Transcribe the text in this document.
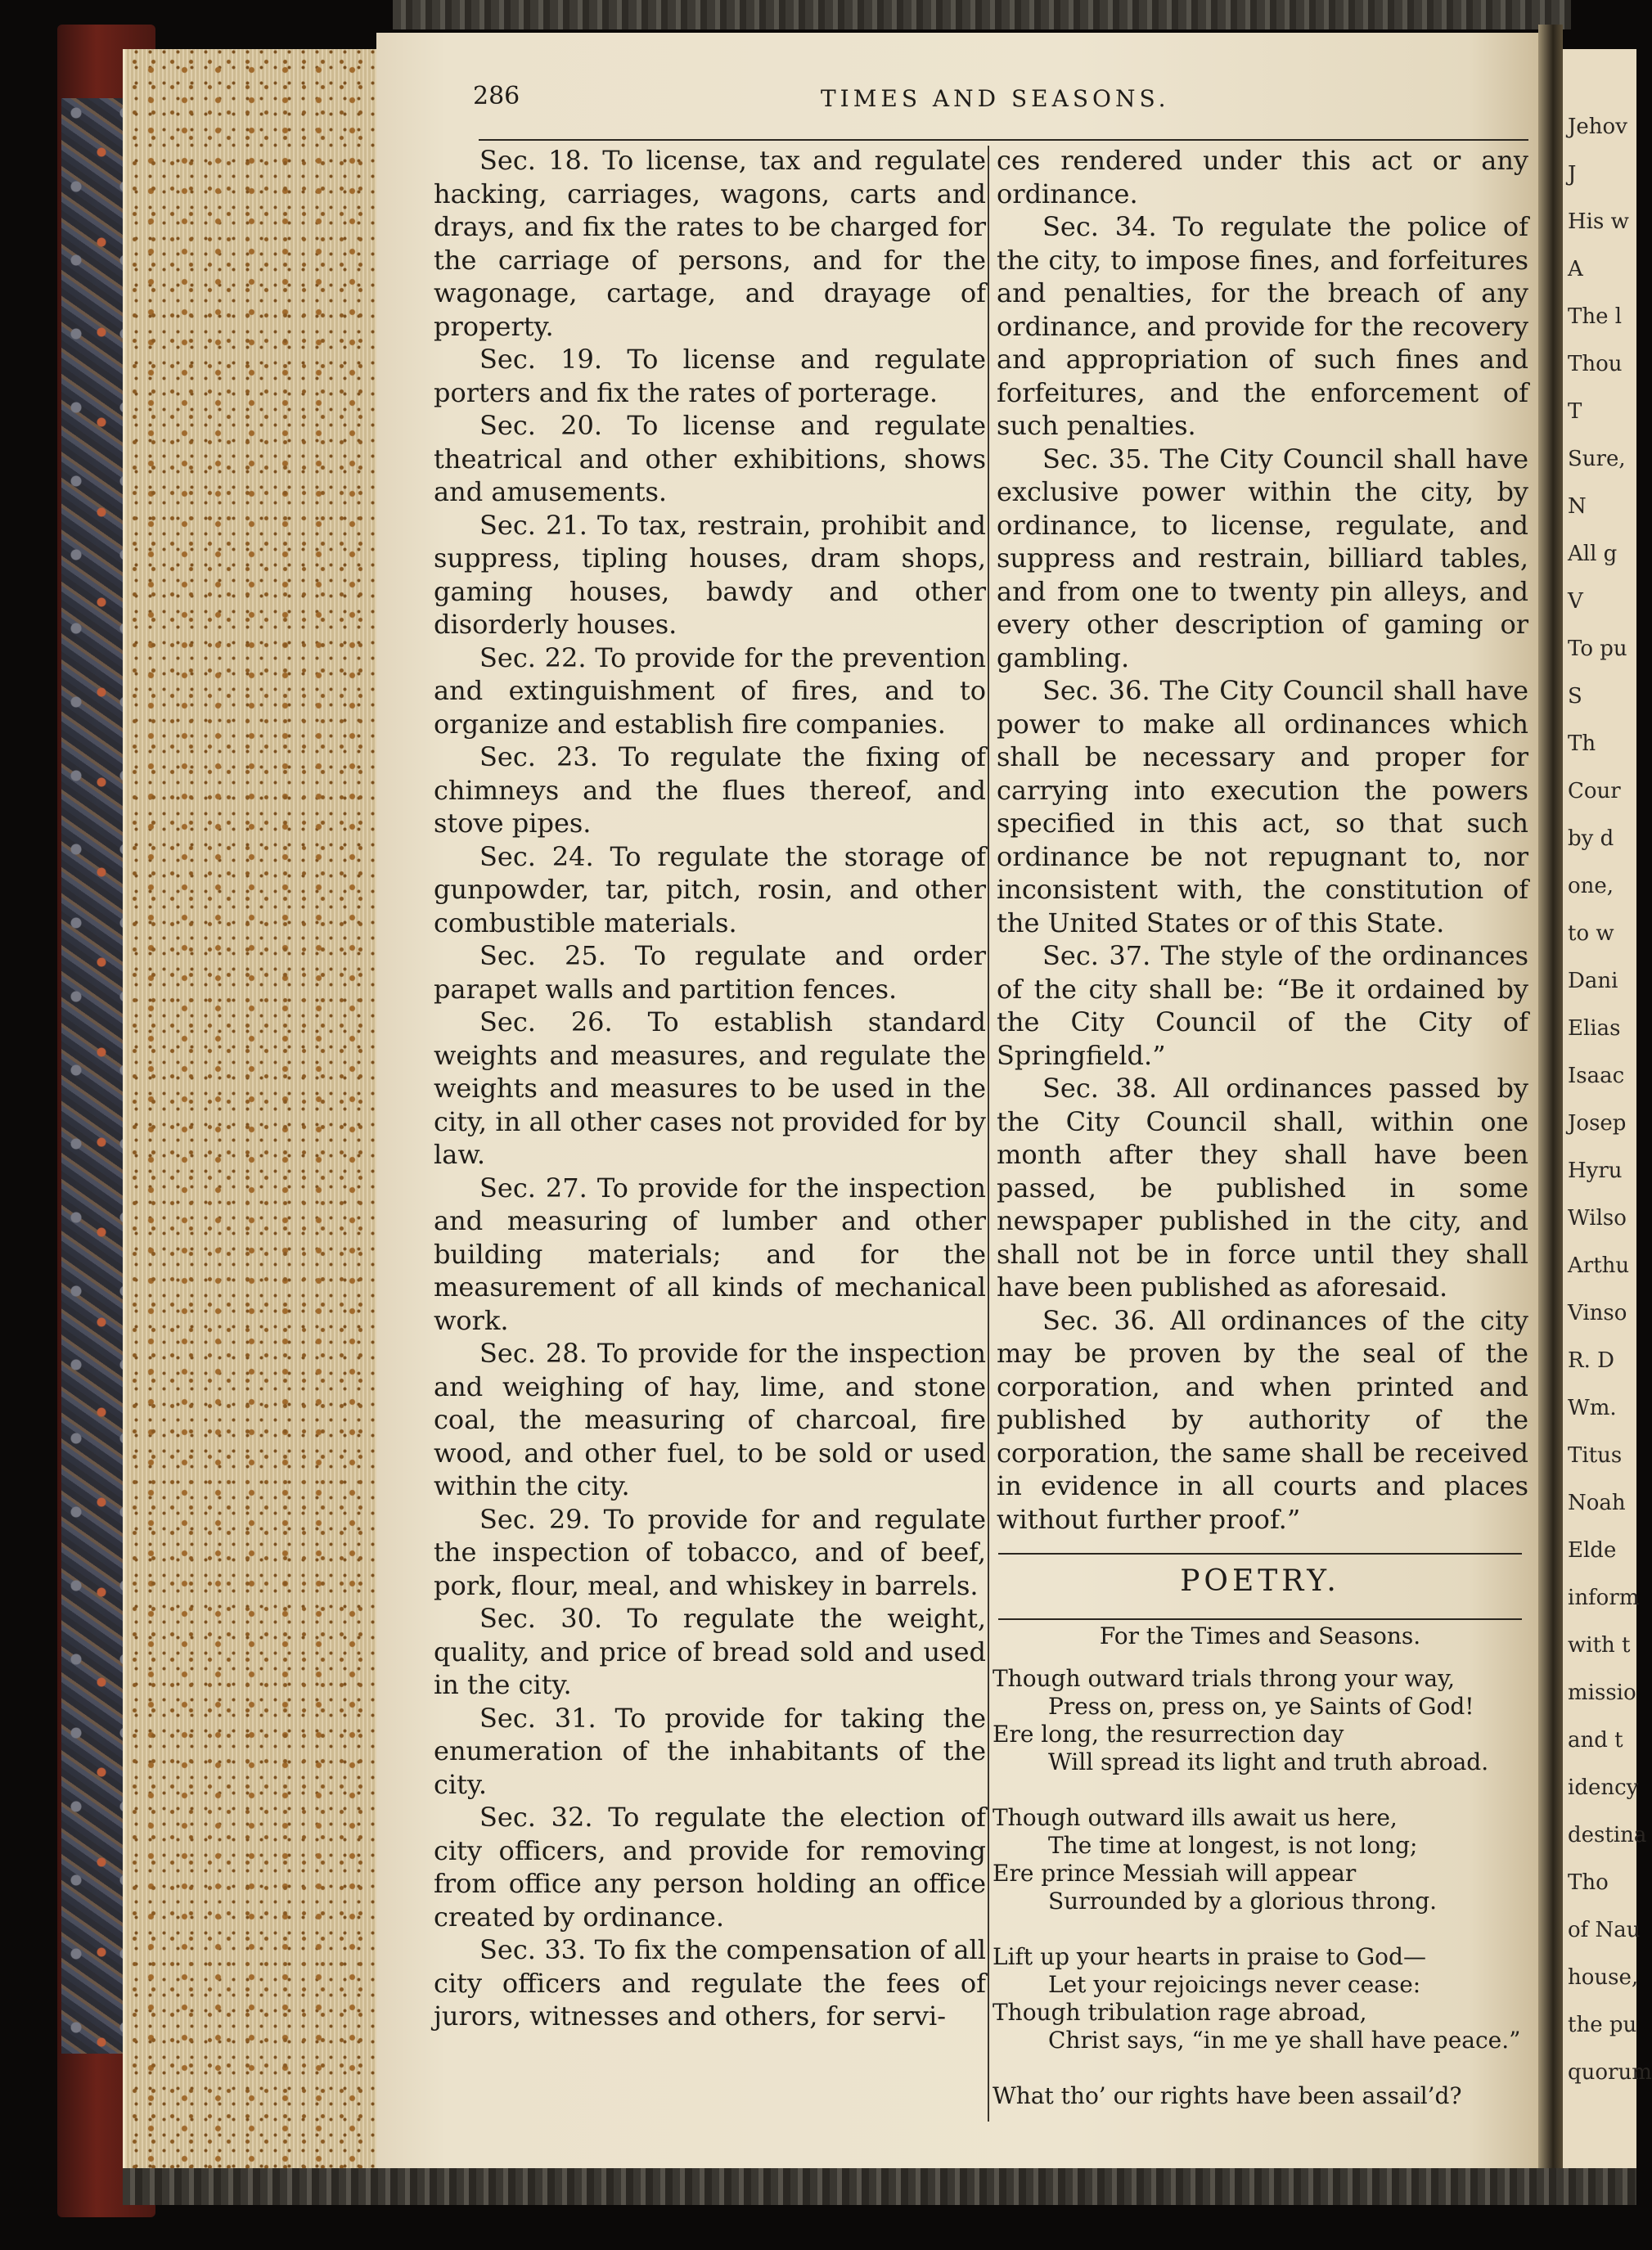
Jehov
J
His w
A
The l
Thou
T
Sure,
N
All g
V
To pu
S
Th
Cour
by d
one,
to w
Dani
Elias
Isaac
Josep
Hyru
Wilso
Arthu
Vinso
R. D
Wm.
Titus
Noah
Elde
inform
with t
missio
and t
idency
destina
Tho
of Nau
house,
the pu
quorum
286	TIMES AND SEASONS.

Sec. 18. To license, tax and regulate hacking, carriages, wagons, carts and drays, and fix the rates to be charged for the carriage of persons, and for the wagonage, cartage, and drayage of property.

Sec. 19. To license and regulate porters and fix the rates of porterage.

Sec. 20. To license and regulate theatrical and other exhibitions, shows and amusements.

Sec. 21. To tax, restrain, prohibit and suppress, tipling houses, dram shops, gaming houses, bawdy and other disorderly houses.

Sec. 22. To provide for the prevention and extinguishment of fires, and to organize and establish fire companies.

Sec. 23. To regulate the fixing of chimneys and the flues thereof, and stove pipes.

Sec. 24. To regulate the storage of gunpowder, tar, pitch, rosin, and other combustible materials.

Sec. 25. To regulate and order parapet walls and partition fences.

Sec. 26. To establish standard weights and measures, and regulate the weights and measures to be used in the city, in all other cases not provided for by law.

Sec. 27. To provide for the inspection and measuring of lumber and other building materials; and for the measurement of all kinds of mechanical work.

Sec. 28. To provide for the inspection and weighing of hay, lime, and stone coal, the measuring of charcoal, fire wood, and other fuel, to be sold or used within the city.

Sec. 29. To provide for and regulate the inspection of tobacco, and of beef, pork, flour, meal, and whiskey in barrels.

Sec. 30. To regulate the weight, quality, and price of bread sold and used in the city.

Sec. 31. To provide for taking the enumeration of the inhabitants of the city.

Sec. 32. To regulate the election of city officers, and provide for removing from office any person holding an office created by ordinance.

Sec. 33. To fix the compensation of all city officers and regulate the fees of jurors, witnesses and others, for servi-

ces rendered under this act or any ordinance.

Sec. 34. To regulate the police of the city, to impose fines, and forfeitures and penalties, for the breach of any ordinance, and provide for the recovery and appropriation of such fines and forfeitures, and the enforcement of such penalties.

Sec. 35. The City Council shall have exclusive power within the city, by ordinance, to license, regulate, and suppress and restrain, billiard tables, and from one to twenty pin alleys, and every other description of gaming or gambling.

Sec. 36. The City Council shall have power to make all ordinances which shall be necessary and proper for carrying into execution the powers specified in this act, so that such ordinance be not repugnant to, nor inconsistent with, the constitution of the United States or of this State.

Sec. 37. The style of the ordinances of the city shall be: “Be it ordained by the City Council of the City of Springfield.”

Sec. 38. All ordinances passed by the City Council shall, within one month after they shall have been passed, be published in some newspaper published in the city, and shall not be in force until they shall have been published as aforesaid.

Sec. 36. All ordinances of the city may be proven by the seal of the corporation, and when printed and published by authority of the corporation, the same shall be received in evidence in all courts and places without further proof.”

POETRY.
For the Times and Seasons.
Though outward trials throng your way,
Press on, press on, ye Saints of God!
Ere long, the resurrection day
Will spread its light and truth abroad.
Though outward ills await us here,
The time at longest, is not long;
Ere prince Messiah will appear
Surrounded by a glorious throng.
Lift up your hearts in praise to God—
Let your rejoicings never cease:
Though tribulation rage abroad,
Christ says, “in me ye shall have peace.”
What tho’ our rights have been assail’d?
